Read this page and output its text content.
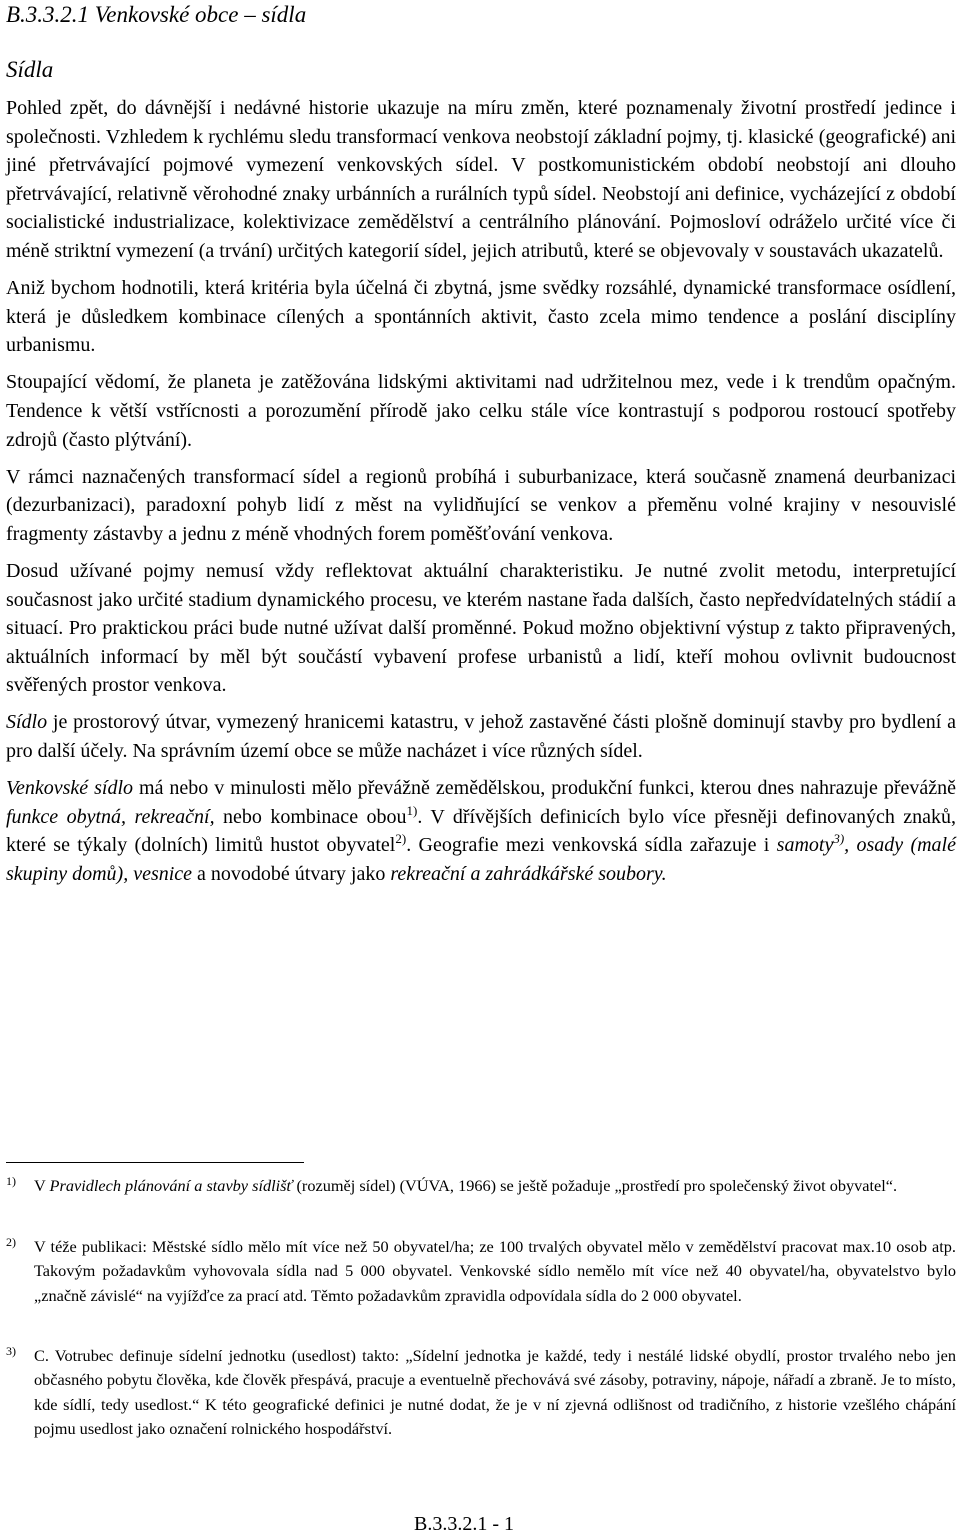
B.3.3.2.1 Venkovské obce – sídla
Sídla

Pohled zpět, do dávnější i nedávné historie ukazuje na míru změn, které poznamenaly životní prostředí jedince i společnosti. Vzhledem k rychlému sledu transformací venkova neobstojí základní pojmy, tj. klasické (geografické) ani jiné přetrvávající pojmové vymezení venkovských sídel. V postkomunistickém období neobstojí ani dlouho přetrvávající, relativně věrohodné znaky urbánních a rurálních typů sídel. Neobstojí ani definice, vycházející z období socialistické industrializace, kolektivizace zemědělství a centrálního plánování. Pojmosloví odráželo určité více či méně striktní vymezení (a trvání) určitých kategorií sídel, jejich atributů, které se objevovaly v soustavách ukazatelů.

Aniž bychom hodnotili, která kritéria byla účelná či zbytná, jsme svědky rozsáhlé, dynamické transformace osídlení, která je důsledkem kombinace cílených a spontánních aktivit, často zcela mimo tendence a poslání disciplíny urbanismu.

Stoupající vědomí, že planeta je zatěžována lidskými aktivitami nad udržitelnou mez, vede i k trendům opačným. Tendence k větší vstřícnosti a porozumění přírodě jako celku stále více kontrastují s podporou rostoucí spotřeby zdrojů (často plýtvání).

V rámci naznačených transformací sídel a regionů probíhá i suburbanizace, která současně znamená deurbanizaci (dezurbanizaci), paradoxní pohyb lidí z měst na vylidňující se venkov a přeměnu volné krajiny v nesouvislé fragmenty zástavby a jednu z méně vhodných forem poměšťování venkova.

Dosud užívané pojmy nemusí vždy reflektovat aktuální charakteristiku. Je nutné zvolit metodu, interpretující současnost jako určité stadium dynamického procesu, ve kterém nastane řada dalších, často nepředvídatelných stádií a situací. Pro praktickou práci bude nutné užívat další proměnné. Pokud možno objektivní výstup z takto připravených, aktuálních informací by měl být součástí vybavení profese urbanistů a lidí, kteří mohou ovlivnit budoucnost svěřených prostor venkova.

Sídlo je prostorový útvar, vymezený hranicemi katastru, v jehož zastavěné části plošně dominují stavby pro bydlení a pro další účely. Na správním území obce se může nacházet i více různých sídel.

Venkovské sídlo má nebo v minulosti mělo převážně zemědělskou, produkční funkci, kterou dnes nahrazuje převážně funkce obytná, rekreační, nebo kombinace obou$^{1)}$. V dřívějších definicích bylo více přesněji definovaných znaků, které se týkaly (dolních) limitů hustot obyvatel$^{2)}$. Geografie mezi venkovská sídla zařazuje i samoty$^{3)}$, osady (malé skupiny domů), vesnice a novodobé útvary jako rekreační a zahrádkářské soubory.

1) V Pravidlech plánování a stavby sídlišť (rozuměj sídel) (VÚVA, 1966) se ještě požaduje „prostředí pro společenský život obyvatel“.
2) V téže publikaci: Městské sídlo mělo mít více než 50 obyvatel/ha; ze 100 trvalých obyvatel mělo v zemědělství pracovat max.10 osob atp. Takovým požadavkům vyhovovala sídla nad 5 000 obyvatel. Venkovské sídlo nemělo mít více než 40 obyvatel/ha, obyvatelstvo bylo „značně závislé“ na vyjížďce za prací atd. Těmto požadavkům zpravidla odpovídala sídla do 2 000 obyvatel.
3) C. Votrubec definuje sídelní jednotku (usedlost) takto: „Sídelní jednotka je každé, tedy i nestálé lidské obydlí, prostor trvalého nebo jen občasného pobytu člověka, kde člověk přespává, pracuje a eventuelně přechovává své zásoby, potraviny, nápoje, nářadí a zbraně. Je to místo, kde sídlí, tedy usedlost.“ K této geografické definici je nutné dodat, že je v ní zjevná odlišnost od tradičního, z historie vzešlého chápání pojmu usedlost jako označení rolnického hospodářství.
B.3.3.2.1 - 1
